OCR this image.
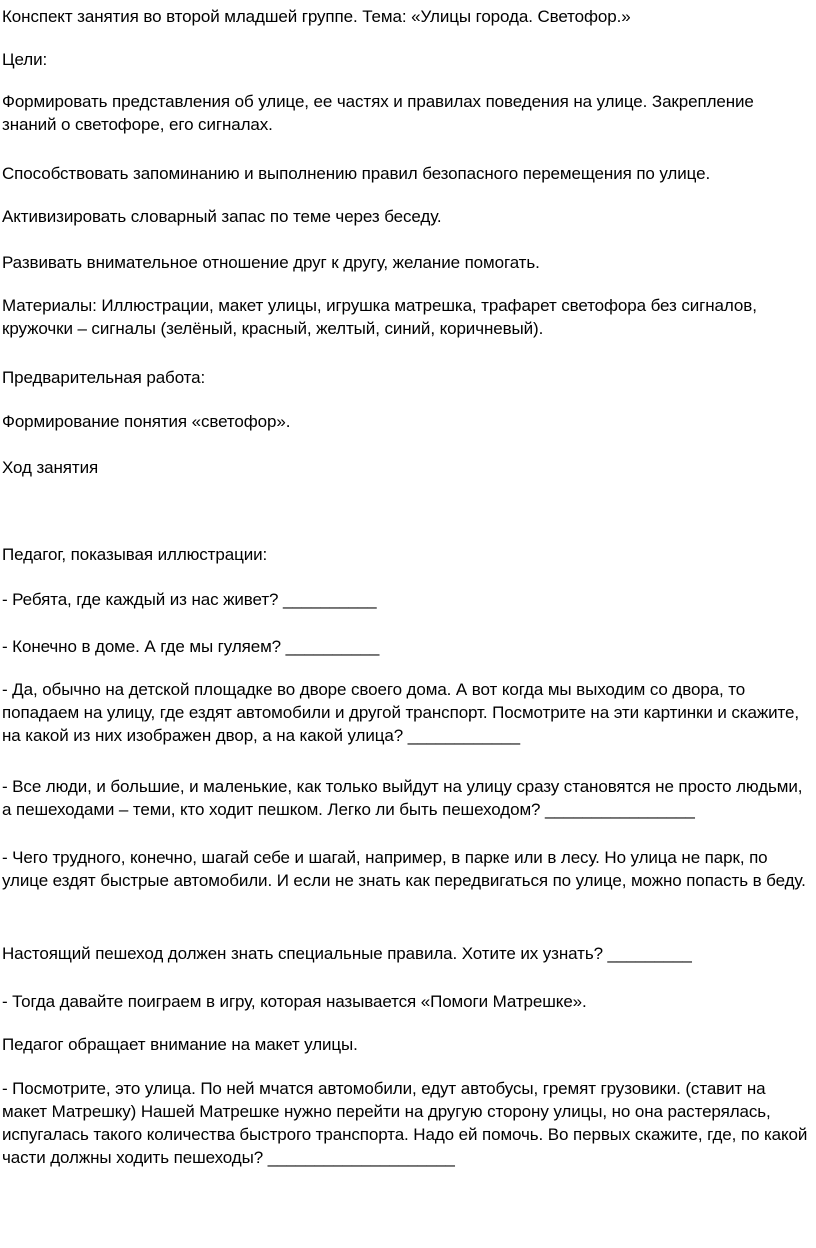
Конспект занятия во второй младшей группе. Тема: «Улицы города. Светофор.»

Цели:

Формировать представления об улице, ее частях и правилах поведения на улице. Закрепление знаний о светофоре, его сигналах.

Способствовать запоминанию и выполнению правил безопасного перемещения по улице.

Активизировать словарный запас по теме через беседу.

Развивать внимательное отношение друг к другу, желание помогать.

Материалы: Иллюстрации, макет улицы, игрушка матрешка, трафарет светофора без сигналов, кружочки – сигналы (зелёный, красный, желтый, синий, коричневый).

Предварительная работа:

Формирование понятия «светофор».

Ход занятия

Педагог, показывая иллюстрации:

- Ребята, где каждый из нас живет? __________

- Конечно в доме. А где мы гуляем? __________

- Да, обычно на детской площадке во дворе своего дома. А вот когда мы выходим со двора, то попадаем на улицу, где ездят автомобили и другой транспорт. Посмотрите на эти картинки и скажите, на какой из них изображен двор, а на какой улица? ____________

- Все люди, и большие, и маленькие, как только выйдут на улицу сразу становятся не просто людьми, а пешеходами – теми, кто ходит пешком. Легко ли быть пешеходом? ________________

- Чего трудного, конечно, шагай себе и шагай, например, в парке или в лесу. Но улица не парк, по улице ездят быстрые автомобили. И если не знать как передвигаться по улице, можно попасть в беду.

Настоящий пешеход должен знать специальные правила. Хотите их узнать? _________

- Тогда давайте поиграем в игру, которая называется «Помоги Матрешке».

Педагог обращает внимание на макет улицы.

- Посмотрите, это улица. По ней мчатся автомобили, едут автобусы, гремят грузовики. (ставит на макет Матрешку) Нашей Матрешке нужно перейти на другую сторону улицы, но она растерялась, испугалась такого количества быстрого транспорта. Надо ей помочь. Во первых скажите, где, по какой части должны ходить пешеходы? ____________________
